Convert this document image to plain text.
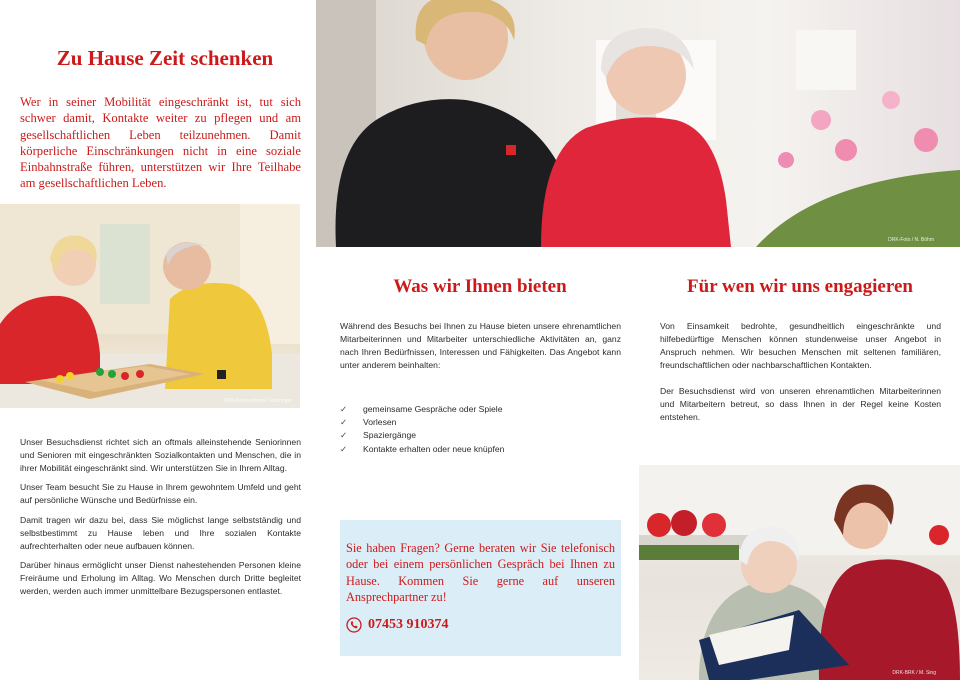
Zu Hause Zeit schenken

Wer in seiner Mobilität eingeschränkt ist, tut sich schwer damit, Kontakte weiter zu pflegen und am gesellschaftlichen Leben teilzunehmen. Damit körperliche Einschränkungen nicht in eine soziale Einbahnstraße führen, unterstützen wir Ihre Teilhabe am gesellschaftlichen Leben.

DRK-Kreisverband / Ranzinger

Unser Besuchsdienst richtet sich an oftmals alleinstehende Seniorinnen und Senioren mit eingeschränkten Sozialkontakten und Menschen, die in ihrer Mobilität eingeschränkt sind. Wir unterstützen Sie in Ihrem Alltag.

Unser Team besucht Sie zu Hause in Ihrem gewohntem Umfeld und geht auf persönliche Wünsche und Bedürfnisse ein.

Damit tragen wir dazu bei, dass Sie möglichst lange selbstständig und selbstbestimmt zu Hause leben und Ihre sozialen Kontakte aufrechterhalten oder neue aufbauen können.

Darüber hinaus ermöglicht unser Dienst nahestehenden Personen kleine Freiräume und Erholung im Alltag. Wo Menschen durch Dritte begleitet werden, werden auch immer unmittelbare Bezugspersonen entlastet.

DRK-Foto / N. Böhm
Was wir Ihnen bieten

Während des Besuchs bei Ihnen zu Hause bieten unsere ehrenamtlichen Mitarbeiterinnen und Mitarbeiter unterschiedliche Aktivitäten an, ganz nach Ihren Bedürfnissen, Interessen und Fähigkeiten. Das Angebot kann unter anderem beinhalten:

✓	gemeinsame Gespräche oder Spiele
✓	Vorlesen
✓	Spaziergänge
✓	Kontakte erhalten oder neue knüpfen

Sie haben Fragen? Gerne beraten wir Sie telefonisch oder bei einem persönlichen Gespräch bei Ihnen zu Hause. Kommen Sie gerne auf unseren Ansprechpartner zu!

07453 910374
Für wen wir uns engagieren

Von Einsamkeit bedrohte, gesundheitlich eingeschränkte und hilfebedürftige Menschen können stundenweise unser Angebot in Anspruch nehmen. Wir besuchen Menschen mit seltenen familiären, freundschaftlichen oder nachbarschaftlichen Kontakten.

Der Besuchsdienst wird von unseren ehrenamtlichen Mitarbeiterinnen und Mitarbeitern betreut, so dass Ihnen in der Regel keine Kosten entstehen.

DRK-BRK / M. Sing
